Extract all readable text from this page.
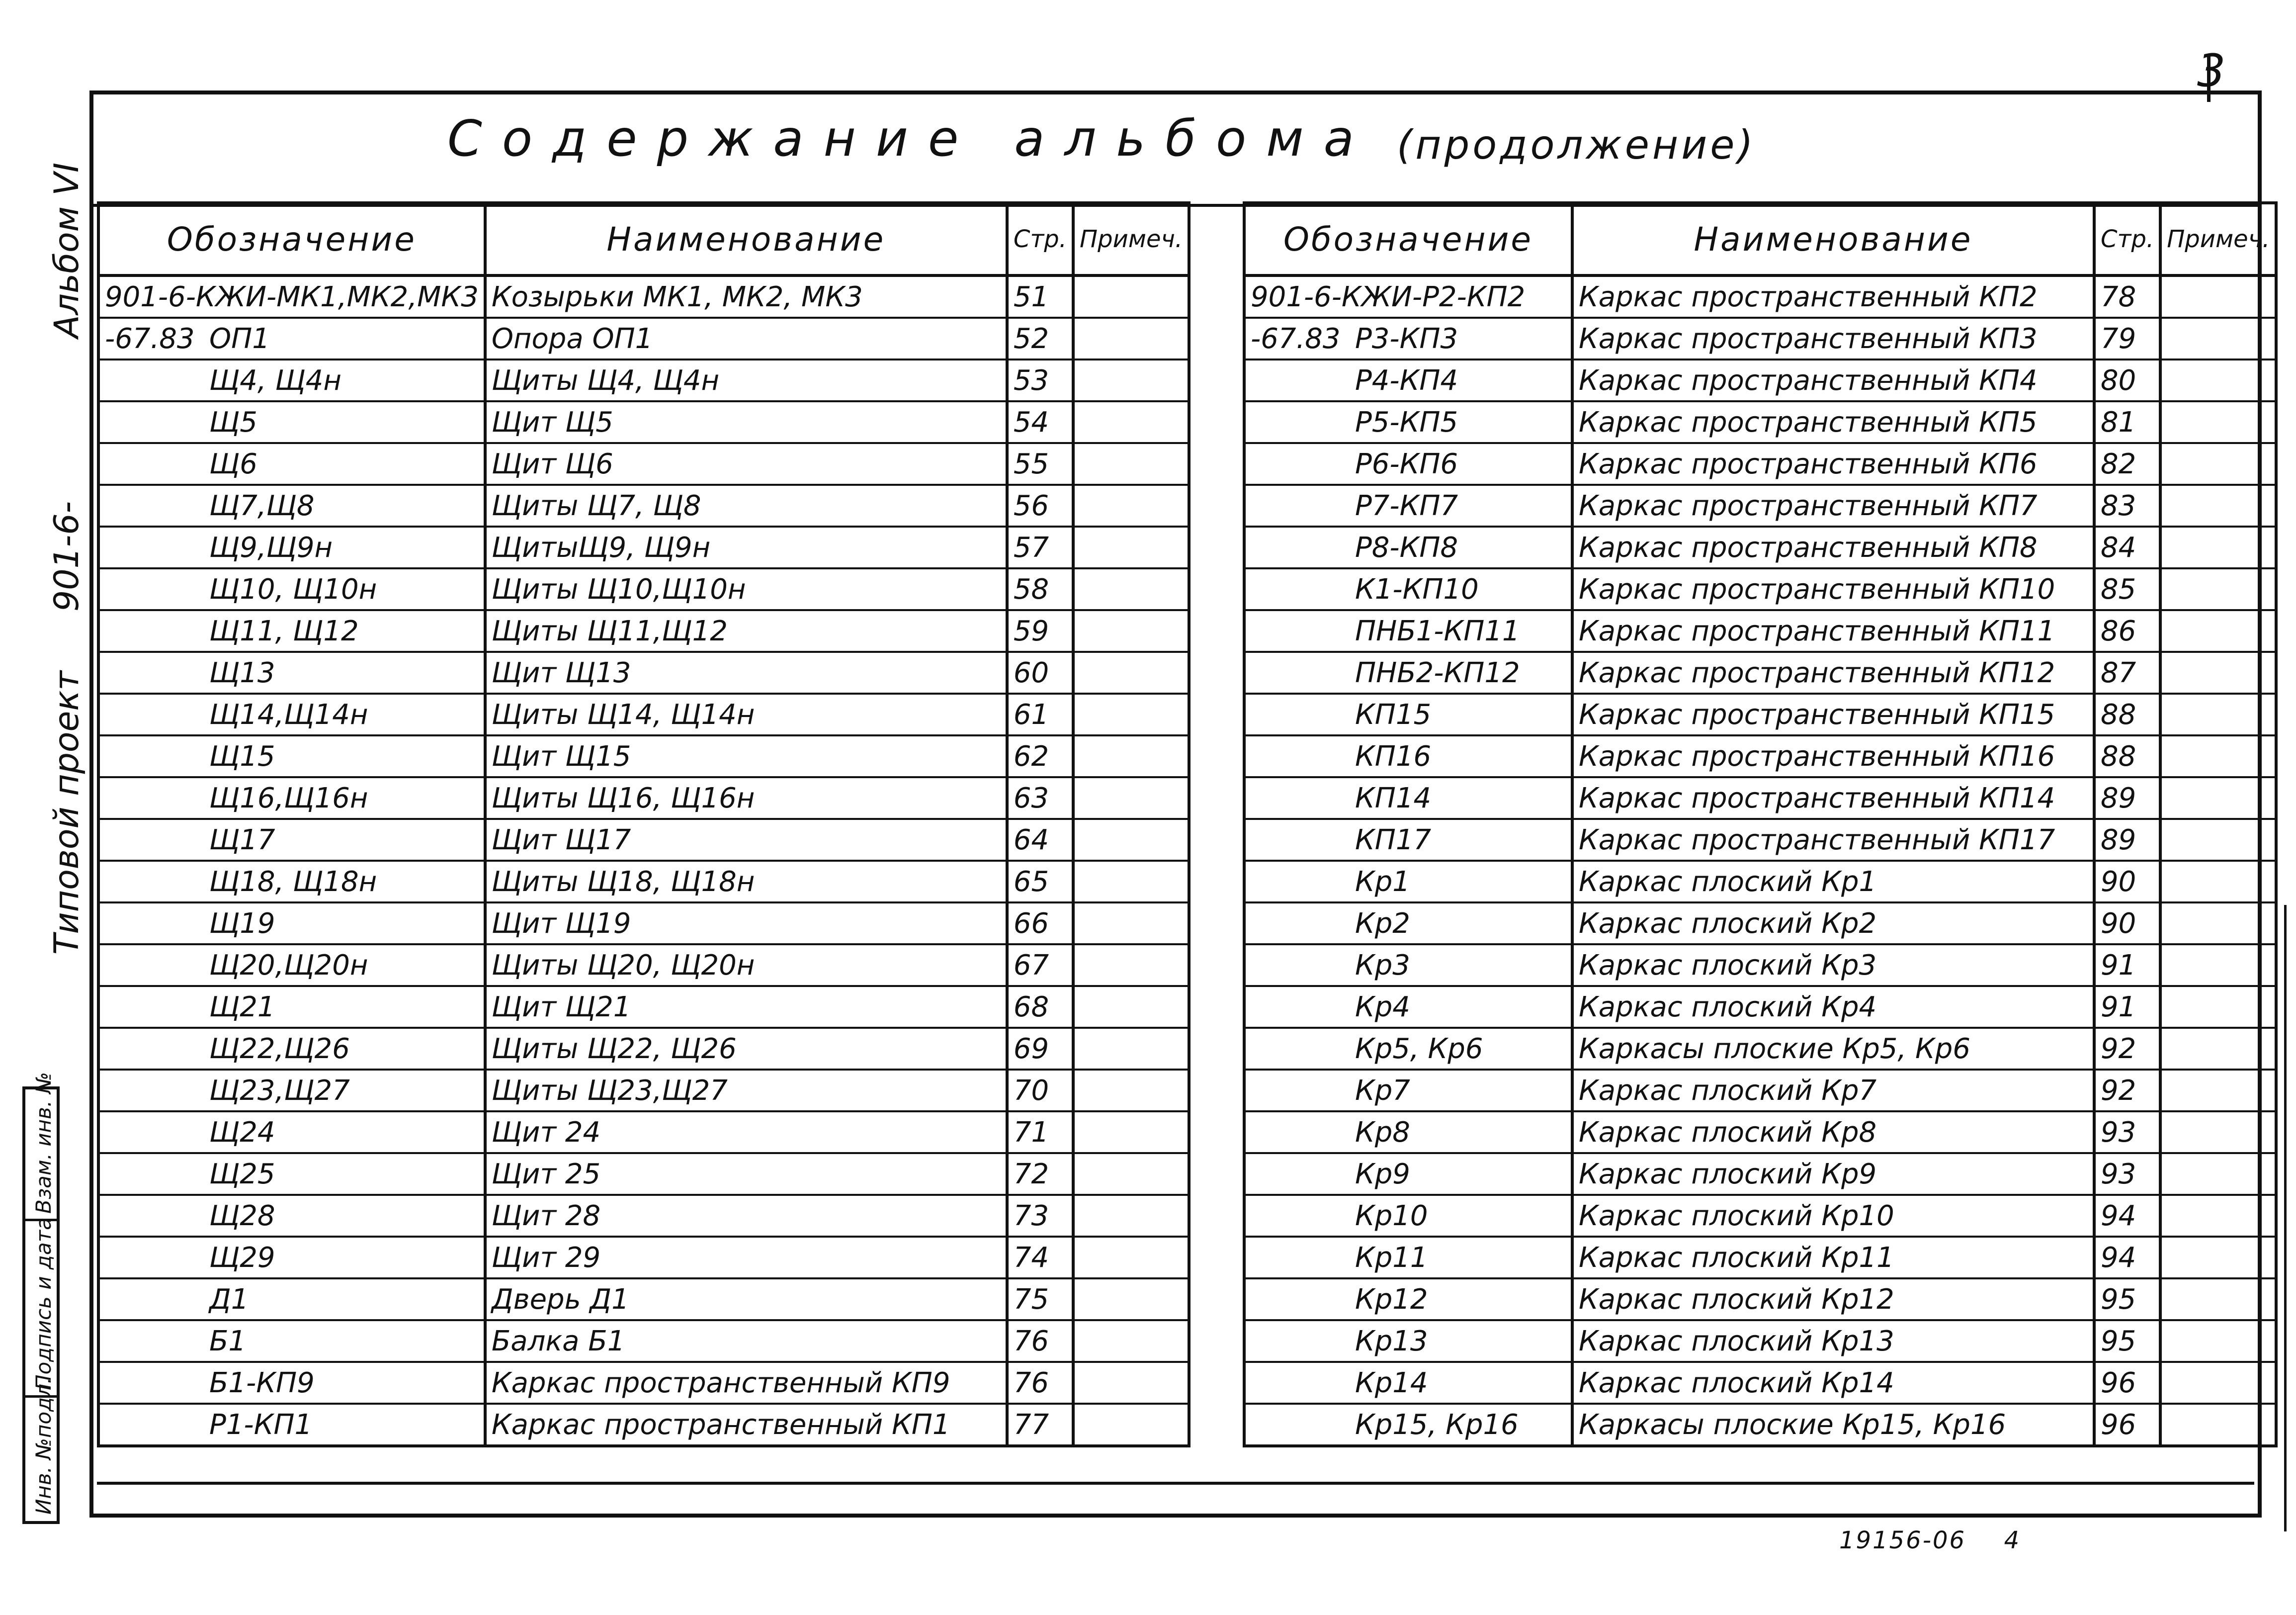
3
Содержание альбома (продолжение)
Альбом VI
901-6-
Типовой проект
Взам. инв. №
Подпись и дата
Инв. №подл.
Обозначение	Наименование	Стр.	Примеч.
901-6-КЖИ-МК1,МК2,МК3	Козырьки МК1, МК2, МК3	51	
-67.83 ОП1	Опора ОП1	52	
Щ4, Щ4н	Щиты Щ4, Щ4н	53	
Щ5	Щит Щ5	54	
Щ6	Щит Щ6	55	
Щ7,Щ8	Щиты Щ7, Щ8	56	
Щ9,Щ9н	ЩитыЩ9, Щ9н	57	
Щ10, Щ10н	Щиты Щ10,Щ10н	58	
Щ11, Щ12	Щиты Щ11,Щ12	59	
Щ13	Щит Щ13	60	
Щ14,Щ14н	Щиты Щ14, Щ14н	61	
Щ15	Щит Щ15	62	
Щ16,Щ16н	Щиты Щ16, Щ16н	63	
Щ17	Щит Щ17	64	
Щ18, Щ18н	Щиты Щ18, Щ18н	65	
Щ19	Щит Щ19	66	
Щ20,Щ20н	Щиты Щ20, Щ20н	67	
Щ21	Щит Щ21	68	
Щ22,Щ26	Щиты Щ22, Щ26	69	
Щ23,Щ27	Щиты Щ23,Щ27	70	
Щ24	Щит 24	71	
Щ25	Щит 25	72	
Щ28	Щит 28	73	
Щ29	Щит 29	74	
Д1	Дверь Д1	75	
Б1	Балка Б1	76	
Б1-КП9	Каркас пространственный КП9	76	
Р1-КП1	Каркас пространственный КП1	77	
Обозначение	Наименование	Стр.	Примеч.
901-6-КЖИ-Р2-КП2	Каркас пространственный КП2	78	
-67.83 Р3-КП3	Каркас пространственный КП3	79	
Р4-КП4	Каркас пространственный КП4	80	
Р5-КП5	Каркас пространственный КП5	81	
Р6-КП6	Каркас пространственный КП6	82	
Р7-КП7	Каркас пространственный КП7	83	
Р8-КП8	Каркас пространственный КП8	84	
К1-КП10	Каркас пространственный КП10	85	
ПНБ1-КП11	Каркас пространственный КП11	86	
ПНБ2-КП12	Каркас пространственный КП12	87	
КП15	Каркас пространственный КП15	88	
КП16	Каркас пространственный КП16	88	
КП14	Каркас пространственный КП14	89	
КП17	Каркас пространственный КП17	89	
Кр1	Каркас плоский Кр1	90	
Кр2	Каркас плоский Кр2	90	
Кр3	Каркас плоский Кр3	91	
Кр4	Каркас плоский Кр4	91	
Кр5, Кр6	Каркасы плоские Кр5, Кр6	92	
Кр7	Каркас плоский Кр7	92	
Кр8	Каркас плоский Кр8	93	
Кр9	Каркас плоский Кр9	93	
Кр10	Каркас плоский Кр10	94	
Кр11	Каркас плоский Кр11	94	
Кр12	Каркас плоский Кр12	95	
Кр13	Каркас плоский Кр13	95	
Кр14	Каркас плоский Кр14	96	
Кр15, Кр16	Каркасы плоские Кр15, Кр16	96	
19156-06 4
